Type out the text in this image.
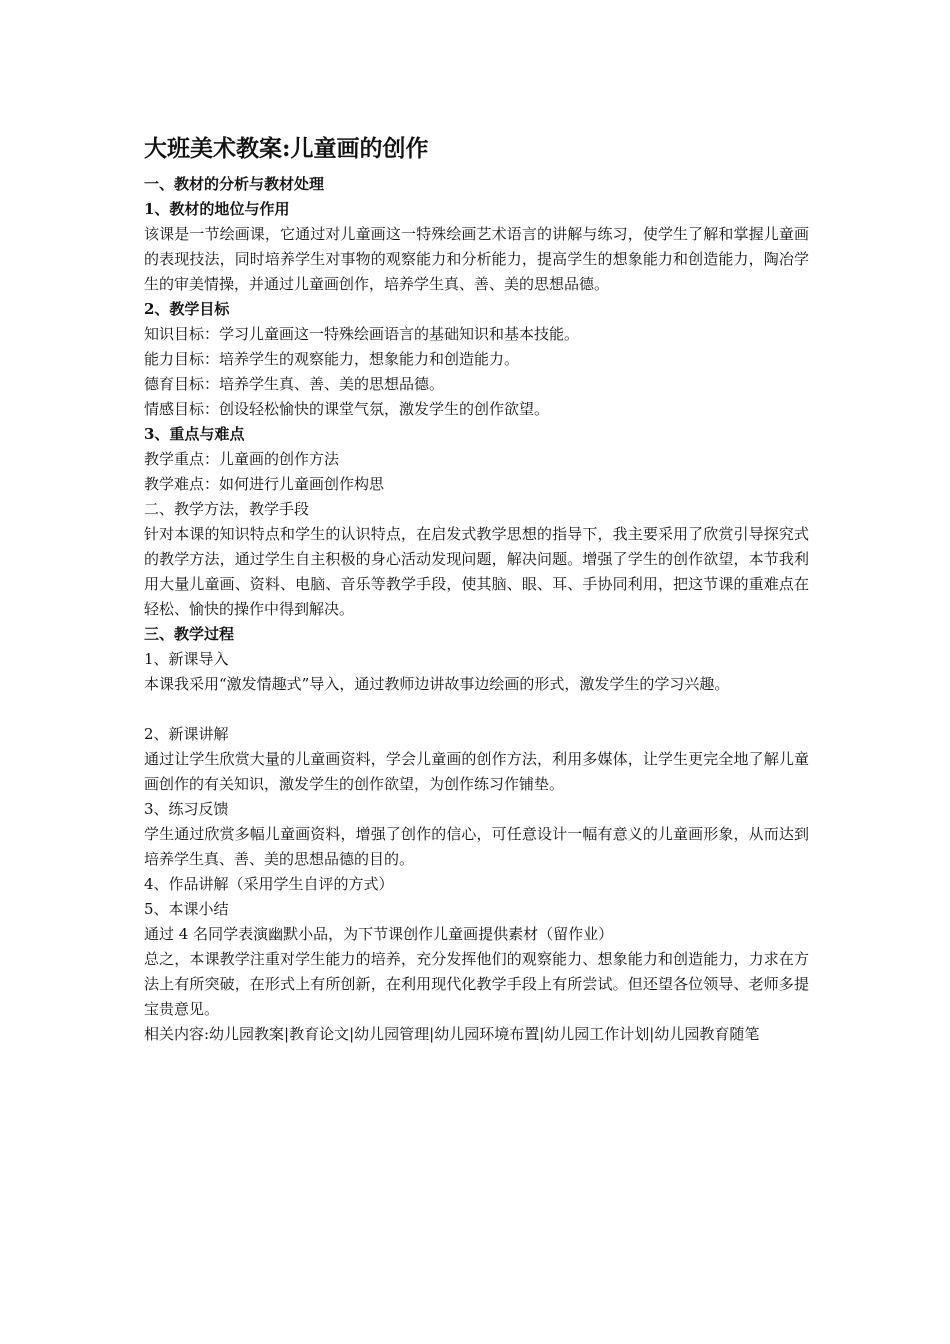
大班美术教案:儿童画的创作

一、教材的分析与教材处理

1、教材的地位与作用

该课是一节绘画课，它通过对儿童画这一特殊绘画艺术语言的讲解与练习，使学生了解和掌握儿童画的表现技法，同时培养学生对事物的观察能力和分析能力，提高学生的想象能力和创造能力，陶冶学生的审美情操，并通过儿童画创作，培养学生真、善、美的思想品德。

2、教学目标

知识目标：学习儿童画这一特殊绘画语言的基础知识和基本技能。

能力目标：培养学生的观察能力，想象能力和创造能力。

德育目标：培养学生真、善、美的思想品德。

情感目标：创设轻松愉快的课堂气氛，激发学生的创作欲望。

3、重点与难点

教学重点：儿童画的创作方法

教学难点：如何进行儿童画创作构思

二、教学方法，教学手段

针对本课的知识特点和学生的认识特点，在启发式教学思想的指导下，我主要采用了欣赏引导探究式的教学方法，通过学生自主积极的身心活动发现问题，解决问题。增强了学生的创作欲望，本节我利用大量儿童画、资料、电脑、音乐等教学手段，使其脑、眼、耳、手协同利用，把这节课的重难点在轻松、愉快的操作中得到解决。

三、教学过程

1、新课导入

本课我采用“激发情趣式”导入，通过教师边讲故事边绘画的形式，激发学生的学习兴趣。

2、新课讲解

通过让学生欣赏大量的儿童画资料，学会儿童画的创作方法，利用多媒体，让学生更完全地了解儿童画创作的有关知识，激发学生的创作欲望，为创作练习作铺垫。

3、练习反馈

学生通过欣赏多幅儿童画资料，增强了创作的信心，可任意设计一幅有意义的儿童画形象，从而达到培养学生真、善、美的思想品德的目的。

4、作品讲解（采用学生自评的方式）

5、本课小结

通过 4 名同学表演幽默小品，为下节课创作儿童画提供素材（留作业）

总之，本课教学注重对学生能力的培养，充分发挥他们的观察能力、想象能力和创造能力，力求在方法上有所突破，在形式上有所创新，在利用现代化教学手段上有所尝试。但还望各位领导、老师多提宝贵意见。

相关内容:幼儿园教案|教育论文|幼儿园管理|幼儿园环境布置|幼儿园工作计划|幼儿园教育随笔
